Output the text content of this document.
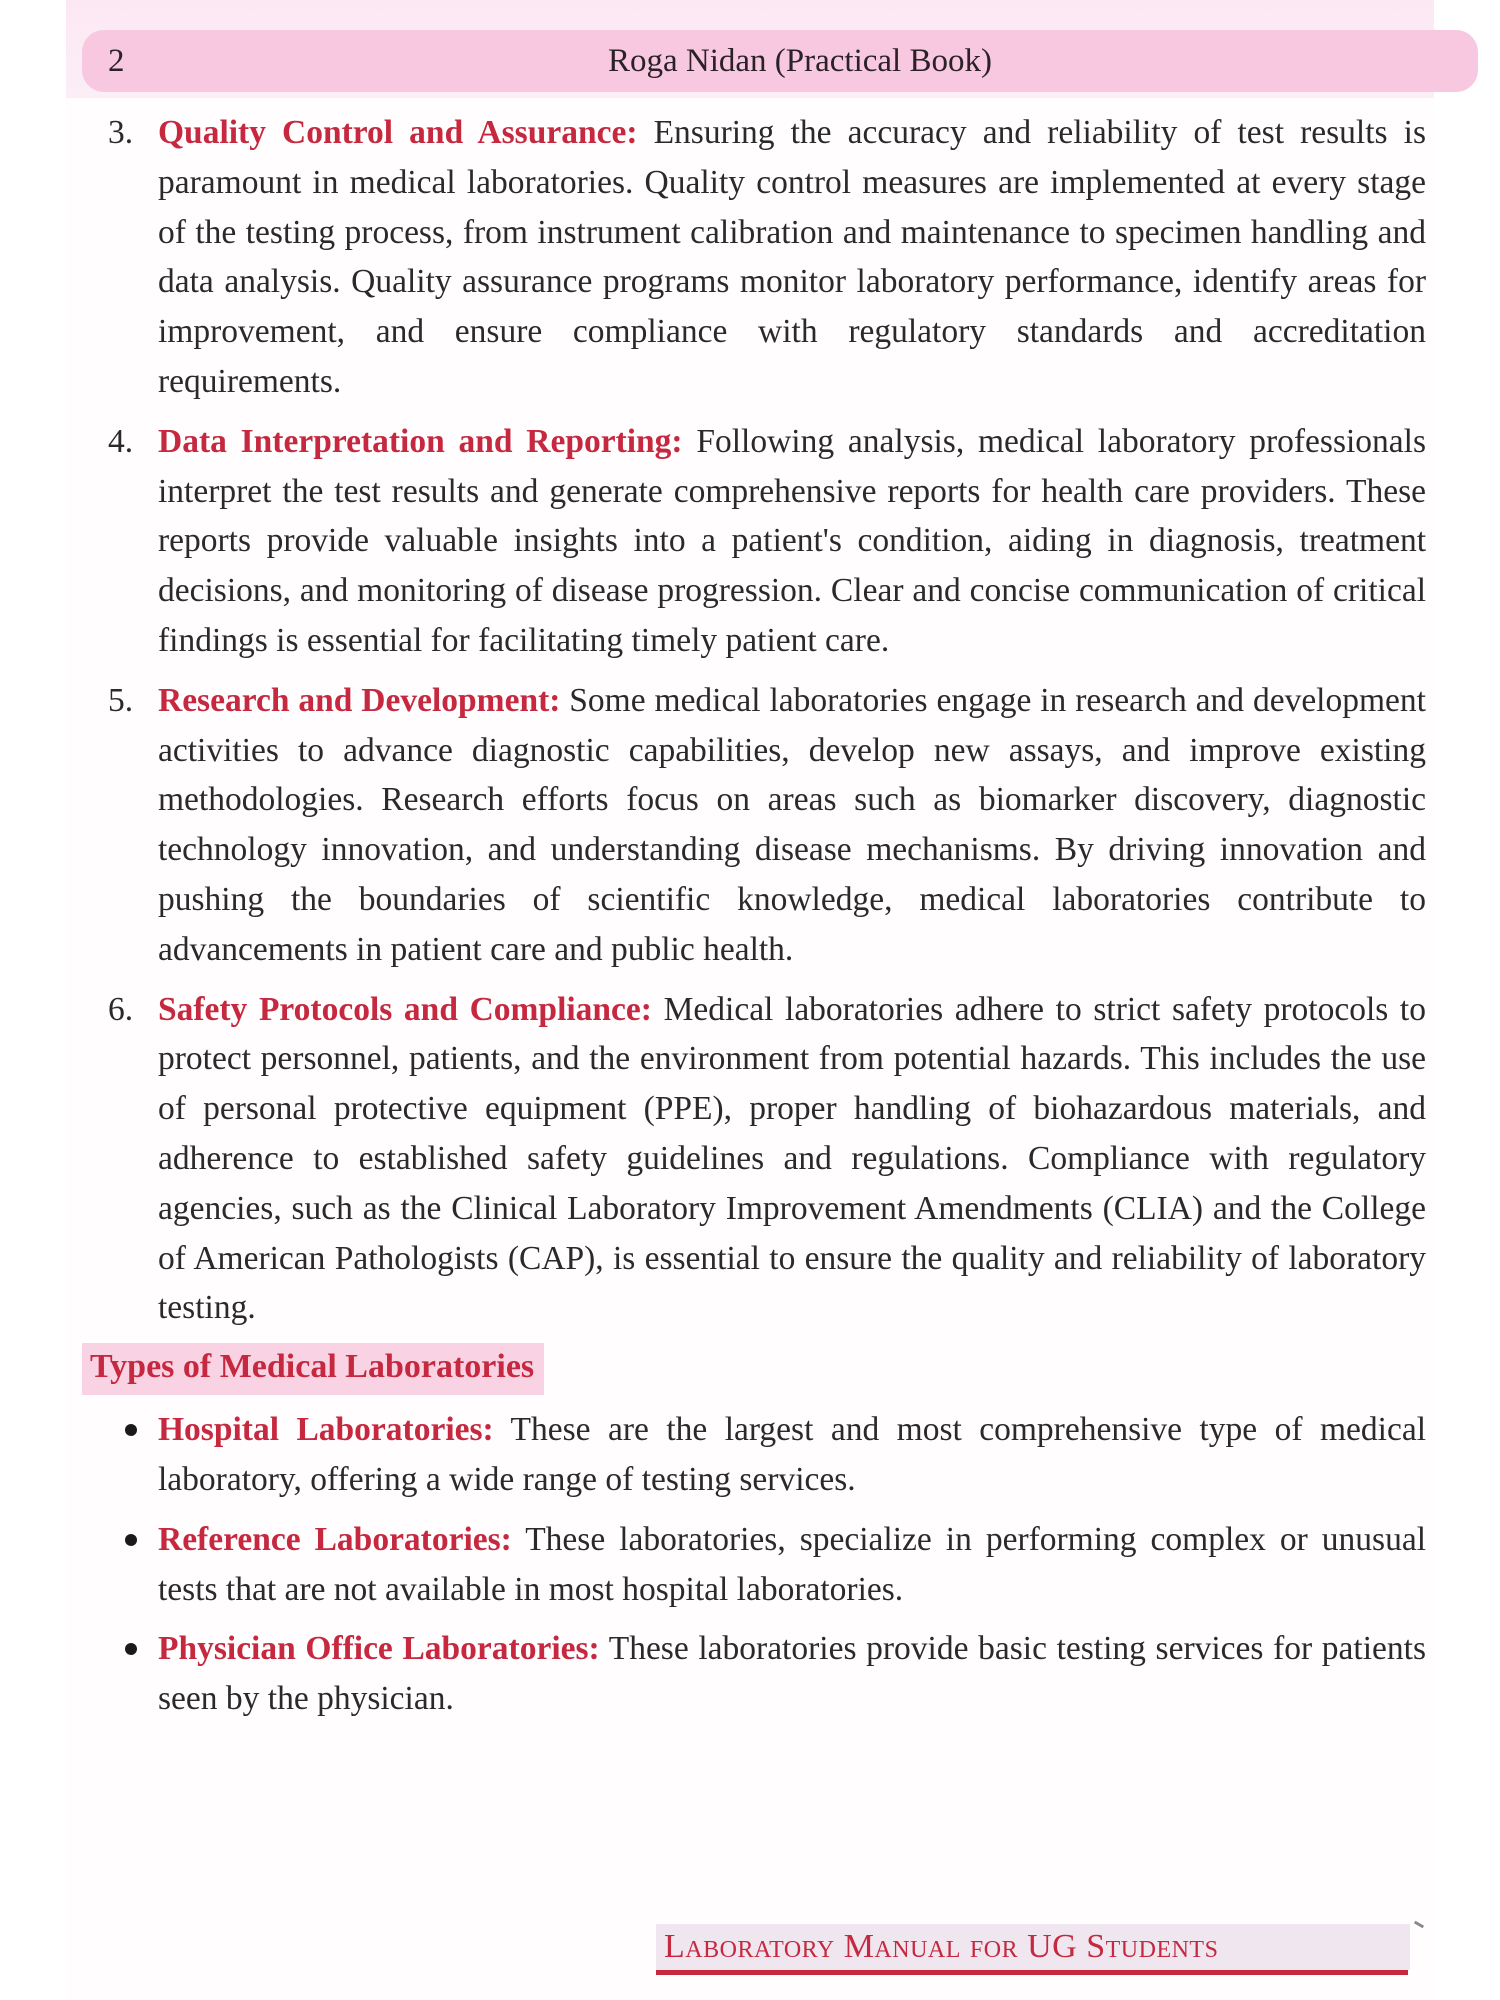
2	Roga Nidan (Practical Book)
3. Quality Control and Assurance: Ensuring the accuracy and reliability of test results is paramount in medical laboratories. Quality control measures are implemented at every stage of the testing process, from instrument calibration and maintenance to specimen handling and data analysis. Quality assurance programs monitor laboratory performance, identify areas for improvement, and ensure compliance with regulatory standards and accreditation requirements.
4. Data Interpretation and Reporting: Following analysis, medical laboratory professionals interpret the test results and generate comprehensive reports for health care providers. These reports provide valuable insights into a patient's condition, aiding in diagnosis, treatment decisions, and monitoring of disease progression. Clear and concise communication of critical findings is essential for facilitating timely patient care.
5. Research and Development: Some medical laboratories engage in research and development activities to advance diagnostic capabilities, develop new assays, and improve existing methodologies. Research efforts focus on areas such as biomarker discovery, diagnostic technology innovation, and understanding disease mechanisms. By driving innovation and pushing the boundaries of scientific knowledge, medical laboratories contribute to advancements in patient care and public health.
6. Safety Protocols and Compliance: Medical laboratories adhere to strict safety protocols to protect personnel, patients, and the environment from potential hazards. This includes the use of personal protective equipment (PPE), proper handling of biohazardous materials, and adherence to established safety guidelines and regulations. Compliance with regulatory agencies, such as the Clinical Laboratory Improvement Amendments (CLIA) and the College of American Pathologists (CAP), is essential to ensure the quality and reliability of laboratory testing.
Types of Medical Laboratories
Hospital Laboratories: These are the largest and most comprehensive type of medical laboratory, offering a wide range of testing services.
Reference Laboratories: These laboratories, specialize in performing complex or unusual tests that are not available in most hospital laboratories.
Physician Office Laboratories: These laboratories provide basic testing services for patients seen by the physician.
Laboratory Manual for UG Students
